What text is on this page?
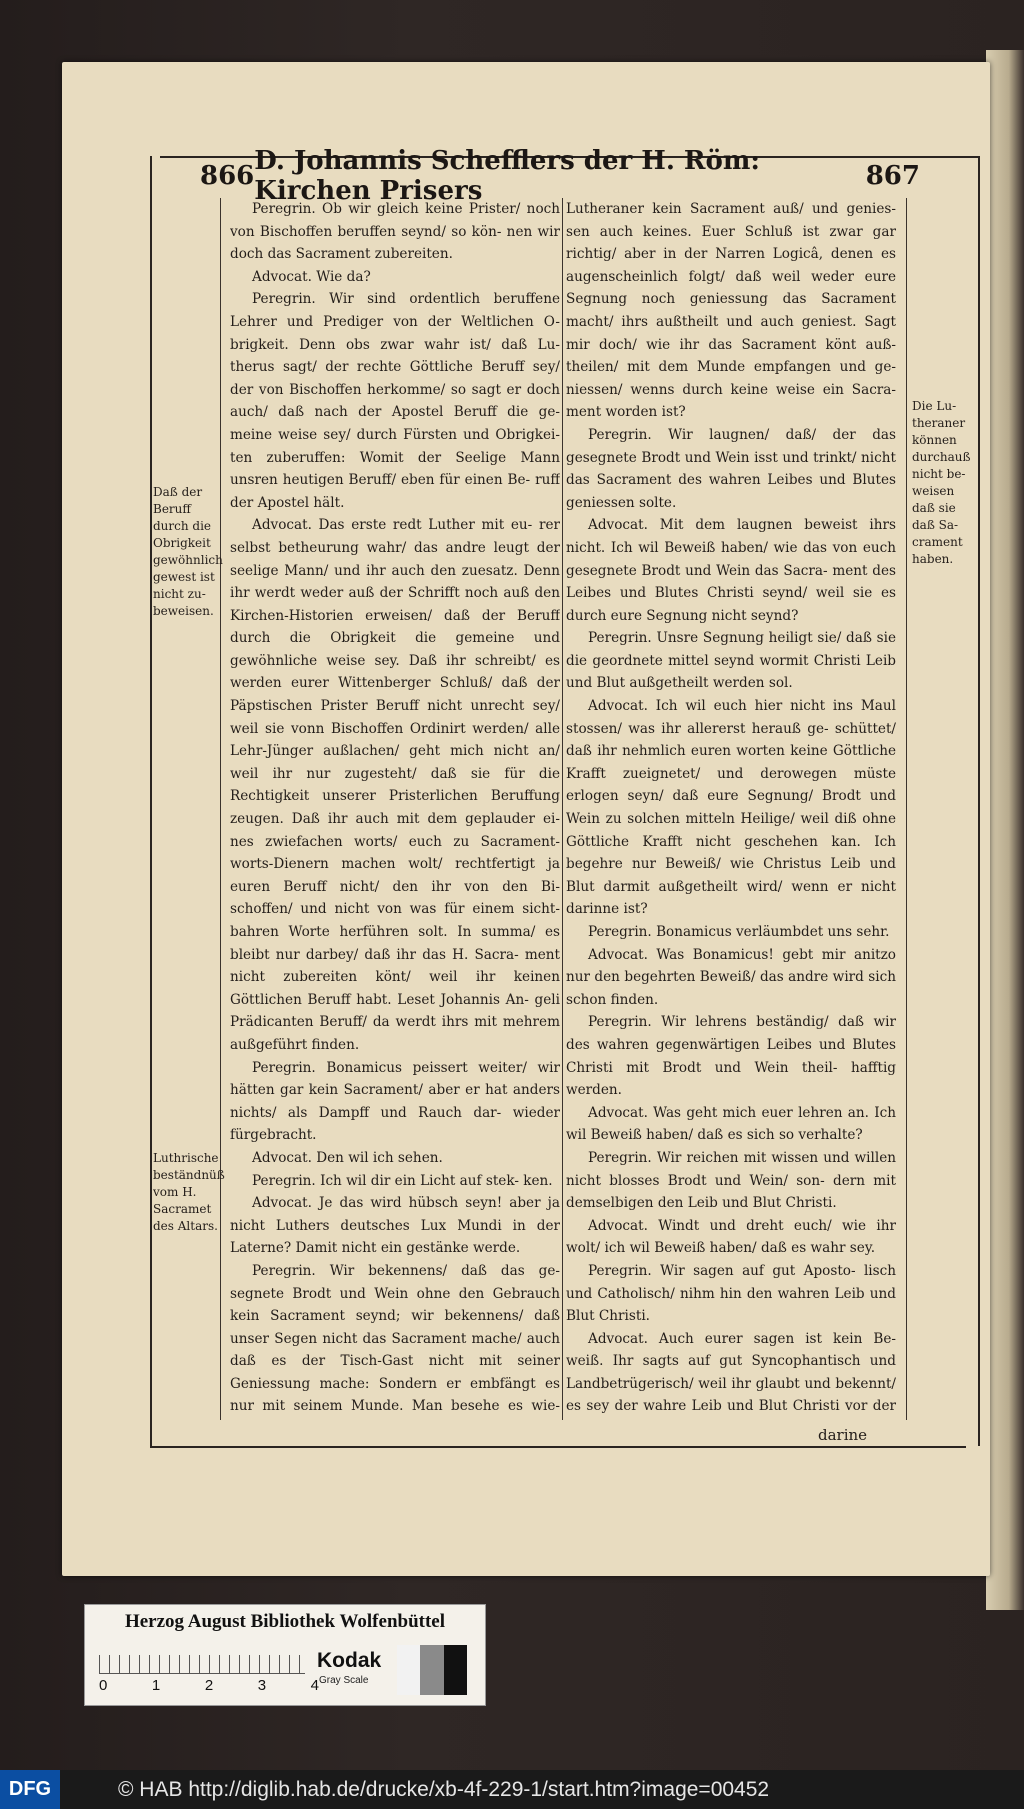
866 D. Johannis Schefflers der H. Röm: Kirchen Prisers	867

Peregrin. Ob wir gleich keine Prister/ noch von Bischoffen beruffen seynd/ so kön- nen wir doch das Sacrament zubereiten.

Advocat. Wie da?

Peregrin. Wir sind ordentlich beruffene Lehrer und Prediger von der Weltlichen O- brigkeit. Denn obs zwar wahr ist/ daß Lu- therus sagt/ der rechte Göttliche Beruff sey/ der von Bischoffen herkomme/ so sagt er doch auch/ daß nach der Apostel Beruff die ge- meine weise sey/ durch Fürsten und Obrigkei- ten zuberuffen: Womit der Seelige Mann unsren heutigen Beruff/ eben für einen Be- ruff der Apostel hält.

Advocat. Das erste redt Luther mit eu- rer selbst betheurung wahr/ das andre leugt der seelige Mann/ und ihr auch den zuesatz. Denn ihr werdt weder auß der Schrifft noch auß den Kirchen-Historien erweisen/ daß der Beruff durch die Obrigkeit die gemeine und gewöhnliche weise sey. Daß ihr schreibt/ es werden eurer Wittenberger Schluß/ daß der Päpstischen Prister Beruff nicht unrecht sey/ weil sie vonn Bischoffen Ordinirt werden/ alle Lehr-Jünger außlachen/ geht mich nicht an/ weil ihr nur zugesteht/ daß sie für die Rechtigkeit unserer Pristerlichen Beruffung zeugen. Daß ihr auch mit dem geplauder ei- nes zwiefachen worts/ euch zu Sacrament- worts-Dienern machen wolt/ rechtfertigt ja euren Beruff nicht/ den ihr von den Bi- schoffen/ und nicht von was für einem sicht- bahren Worte herführen solt. In summa/ es bleibt nur darbey/ daß ihr das H. Sacra- ment nicht zubereiten könt/ weil ihr keinen Göttlichen Beruff habt. Leset Johannis An- geli Prädicanten Beruff/ da werdt ihrs mit mehrem außgeführt finden.

Peregrin. Bonamicus peissert weiter/ wir hätten gar kein Sacrament/ aber er hat anders nichts/ als Dampff und Rauch dar- wieder fürgebracht.

Advocat. Den wil ich sehen.

Peregrin. Ich wil dir ein Licht auf stek- ken.

Advocat. Je das wird hübsch seyn! aber ja nicht Luthers deutsches Lux Mundi in der Laterne? Damit nicht ein gestänke werde.

Peregrin. Wir bekennens/ daß das ge- segnete Brodt und Wein ohne den Gebrauch kein Sacrament seynd; wir bekennens/ daß unser Segen nicht das Sacrament mache/ auch daß es der Tisch-Gast nicht mit seiner Geniessung mache: Sondern er embfängt es nur mit seinem Munde. Man besehe es wie-

Lutheraner kein Sacrament auß/ und genies- sen auch keines. Euer Schluß ist zwar gar richtig/ aber in der Narren Logicâ, denen es augenscheinlich folgt/ daß weil weder eure Segnung noch geniessung das Sacrament macht/ ihrs außtheilt und auch geniest. Sagt mir doch/ wie ihr das Sacrament könt auß- theilen/ mit dem Munde empfangen und ge- niessen/ wenns durch keine weise ein Sacra- ment worden ist?

Peregrin. Wir laugnen/ daß/ der das gesegnete Brodt und Wein isst und trinkt/ nicht das Sacrament des wahren Leibes und Blutes geniessen solte.

Advocat. Mit dem laugnen beweist ihrs nicht. Ich wil Beweiß haben/ wie das von euch gesegnete Brodt und Wein das Sacra- ment des Leibes und Blutes Christi seynd/ weil sie es durch eure Segnung nicht seynd?

Peregrin. Unsre Segnung heiligt sie/ daß sie die geordnete mittel seynd wormit Christi Leib und Blut außgetheilt werden sol.

Advocat. Ich wil euch hier nicht ins Maul stossen/ was ihr allererst herauß ge- schüttet/ daß ihr nehmlich euren worten keine Göttliche Krafft zueignetet/ und derowegen müste erlogen seyn/ daß eure Segnung/ Brodt und Wein zu solchen mitteln Heilige/ weil diß ohne Göttliche Krafft nicht geschehen kan. Ich begehre nur Beweiß/ wie Christus Leib und Blut darmit außgetheilt wird/ wenn er nicht darinne ist?

Peregrin. Bonamicus verläumbdet uns sehr.

Advocat. Was Bonamicus! gebt mir anitzo nur den begehrten Beweiß/ das andre wird sich schon finden.

Peregrin. Wir lehrens beständig/ daß wir des wahren gegenwärtigen Leibes und Blutes Christi mit Brodt und Wein theil- hafftig werden.

Advocat. Was geht mich euer lehren an. Ich wil Beweiß haben/ daß es sich so verhalte?

Peregrin. Wir reichen mit wissen und willen nicht blosses Brodt und Wein/ son- dern mit demselbigen den Leib und Blut Christi.

Advocat. Windt und dreht euch/ wie ihr wolt/ ich wil Beweiß haben/ daß es wahr sey.

Peregrin. Wir sagen auf gut Aposto- lisch und Catholisch/ nihm hin den wahren Leib und Blut Christi.

Advocat. Auch eurer sagen ist kein Be- weiß. Ihr sagts auf gut Syncophantisch und Landbetrügerisch/ weil ihr glaubt und bekennt/ es sey der wahre Leib und Blut Christi vor der

Daß der Beruff durch die Obrigkeit gewöhnlich gewest ist nicht zu- beweisen.
Luthrische beständnüß vom H. Sacramet des Altars.
Die Lu- theraner können durchauß nicht be- weisen daß sie daß Sa- crament haben.
darine
Herzog August Bibliothek Wolfenbüttel
0	1	2	3	4
Kodak
Gray Scale
DFG	© HAB http://diglib.hab.de/drucke/xb-4f-229-1/start.htm?image=00452
